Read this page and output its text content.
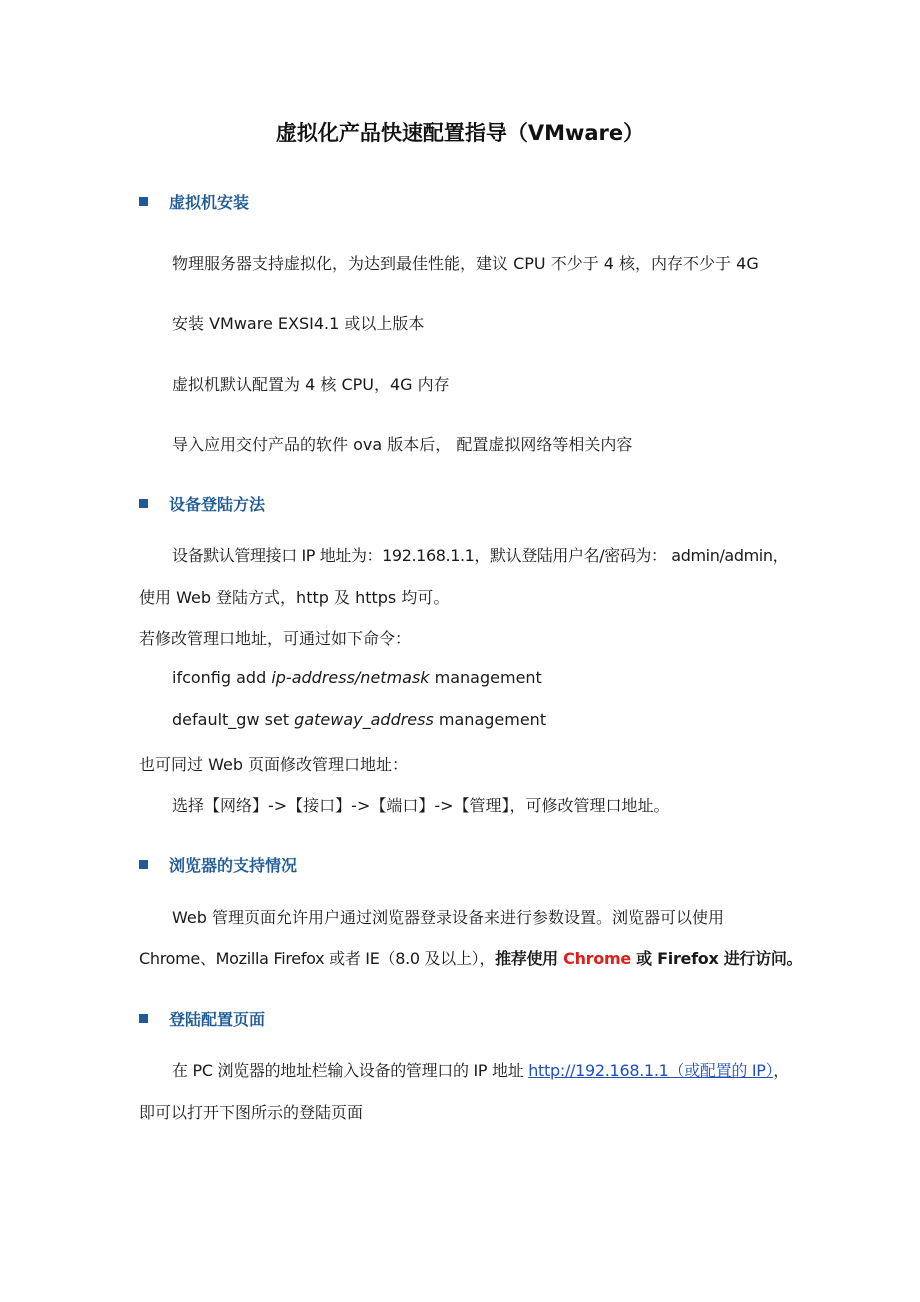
虚拟化产品快速配置指导（VMware）
虚拟机安装
物理服务器支持虚拟化，为达到最佳性能，建议 CPU 不少于 4 核，内存不少于 4G
安装 VMware EXSI4.1 或以上版本
虚拟机默认配置为 4 核 CPU，4G 内存
导入应用交付产品的软件 ova 版本后， 配置虚拟网络等相关内容
设备登陆方法
设备默认管理接口 IP 地址为：192.168.1.1，默认登陆用户名/密码为： admin/admin，
使用 Web 登陆方式，http 及 https 均可。
若修改管理口地址，可通过如下命令：
ifconfig add ip-address/netmask management
default_gw set gateway_address management
也可同过 Web 页面修改管理口地址：
选择【网络】->【接口】->【端口】->【管理】，可修改管理口地址。
浏览器的支持情况
Web 管理页面允许用户通过浏览器登录设备来进行参数设置。浏览器可以使用
Chrome、Mozilla Firefox 或者 IE（8.0 及以上），推荐使用 Chrome 或 Firefox 进行访问。
登陆配置页面
在 PC 浏览器的地址栏输入设备的管理口的 IP 地址 http://192.168.1.1（或配置的 IP），
即可以打开下图所示的登陆页面
